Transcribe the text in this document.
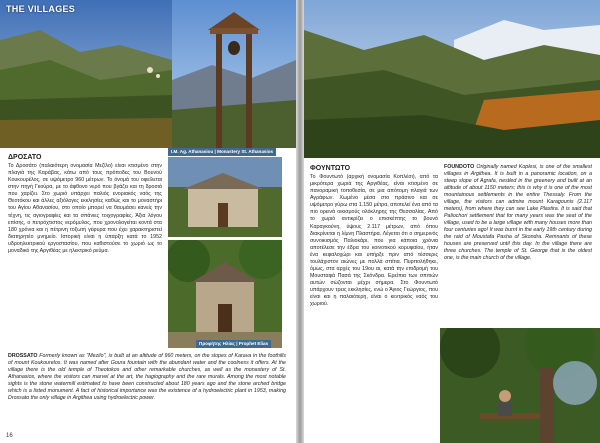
THE VILLAGES
ΔΡΟΣΑΤΟ
Το Δροσάτο (παλαιότερη ονομασία Μεζίλο) είναι κτισμένο στην πλαγιά της Καράβας, κάτω από τους πρόποδες του Βουνού Κουκουρέλος, σε υψόμετρο 960 μέτρων. Το όνομά του οφείλεται στην πηγή Γκούρα, με το άφθονο νερό που βγάζει και τη δροσιά που χαρίζει. Στο χωριό υπάρχει παλιός ενοριακός ναός της Θεοτόκου και άλλες αξιόλογες εκκλησίες καθώς και το μοναστήρι του Αγίου Αθανασίου, στο οποίο μπορεί να θαυμάσει κανείς την τέχνη, τις αγιογραφίες και τα σπάνιες τοιχογραφίες. Άξια λόγου επίσης, ο πετρόχτιστος νερόμυλος, που χρονολογείται κοντά στα 180 χρόνια και η πέτρινη τοξωτή γέφυρα που έχει χαρακτηριστεί διατηρητέο μνημείο. Ιστορική είναι η ύπαρξη κατά το 1952 υδροηλεκτρικού εργοστασίου, που καθιστούσε το χωριό ως το μοναδικό της Αργιθέας με ηλεκτρικό ρεύμα.
I.M. Ag. Athanasiou | Monastery St. Athanasios
Προφήτης Ηλίας | Prophet Elias
DROSSATO Formerly known as "Mezilo", is built at an altitude of 960 meters, on the slopes of Karava in the foothills of mount Koukourelos. It was named after Goura fountain with the abundant water and the coolness it offers. At the village there is the old temple of Theotokos and other remarkable churches, as well as the monastery of St. Athanasios, where the visitors can marvel at the art, the hagiography and the rare murals. Among the most notable sights is the stone watermill estimated to have been constructed about 180 years ago and the stone arched bridge which is a listed monument. A fact of historical importance was the existence of a hydroelectric plant in 1953, making Drossato the only village in Argithea using hydroelectric power.
16
ΦΟΥΝΤΩΤΟ
Το Φουντωτό (αρχική ονομασία Κοπλέσι), από τα μικρότερα χωριά της Αργιθέας, είναι κτισμένο σε πανοραμική τοποθεσία, σε μια απότομη πλαγιά των Αγράφων. Χωμένο μέσα στο πράσινο και σε υψόμετρο γύρω στα 1.150 μέτρα, αποτελεί ένα από τα πιο ορεινά οικισμούς ολόκληρης της Θεσσαλίας. Από το χωριό αντικρίζει ο επισκέπτης το βουνό Καραγκούνη, ύψους 2.117 μέτρων, από όπου διακρίνεται η λίμνη Πλαστήρα. Λέγεται ότι ο σημερινός συνοικισμός Παλιοκάρι, που για κάποια χρόνια αποτέλεσε την έδρα του κοινοτικού κορυφαίου, ήταν ένα κεφαλοχώρι και υπήρξε πριν από τέσσερις τουλάχιστον αιώνες με πολλά σπίτια. Πυρπολήθηκε, όμως, στα αρχές του 19ου αι, κατά την επιδρομή του Μουσταφά Πασά της Σκόνδρα. Ερείπια των σπιτιών αυτών σώζονται μέχρι σήμερα. Στο Φουντωτό υπάρχουν τρεις εκκλησίες, ενώ ο Άγιος Γεώργιος, που είναι και η παλαιότερη, είναι ο κεντρικός ναός του χωριού.
FOUNDOTO Originally named Koplesi, is one of the smallest villages in Argithea. It is built in a panoramic location, on a steep slope of Agrafa, nestled in the greenery and built at an altitude of about 1150 meters; this is why it is one of the most mountainous settlements in the entire Thessaly. From the village, the visitors can admire mount Karagounis (2.117 meters), from where they can see Lake Plastira. It is said that Paliochori settlement that for many years was the seat of the village, used to be a large village with many houses more than four centuries ago! It was burnt in the early 19th century during the raid of Moustafa Pasha of Skondra. Remnants of these houses are preserved until this day. In the village there are three churches. The temple of St. George that is the oldest one, is the main church of the village.
